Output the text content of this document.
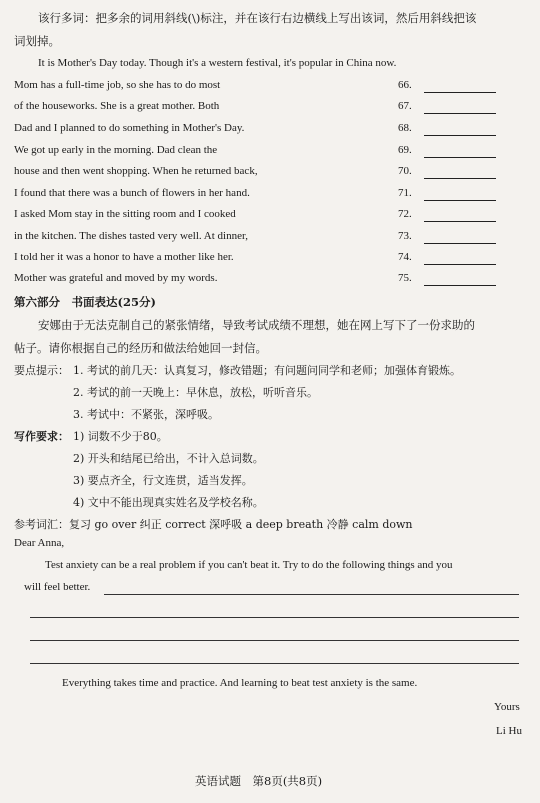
该行多词：把多余的词用斜线(\)标注，并在该行右边横线上写出该词，然后用斜线把该
词划掉。
It is Mother's Day today. Though it's a western festival, it's popular in China now.
Mom has a full-time job, so she has to do most	66.
of the houseworks. She is a great mother. Both	67.
Dad and I planned to do something in Mother's Day.	68.
We got up early in the morning. Dad clean the	69.
house and then went shopping. When he returned back,	70.
I found that there was a bunch of flowers in her hand.	71.
I asked Mom stay in the sitting room and I cooked	72.
in the kitchen. The dishes tasted very well. At dinner,	73.
I told her it was a honor to have a mother like her.	74.
Mother was grateful and moved by my words.	75.
第六部分　书面表达(25分)
安娜由于无法克制自己的紧张情绪，导致考试成绩不理想，她在网上写下了一份求助的
帖子。请你根据自己的经历和做法给她回一封信。
要点提示： 1. 考试的前几天：认真复习，修改错题；有问题问同学和老师；加强体育锻炼。
2. 考试的前一天晚上：早休息，放松，听听音乐。
3. 考试中：不紧张，深呼吸。
写作要求： 1) 词数不少于80。
2) 开头和结尾已给出，不计入总词数。
3) 要点齐全，行文连贯，适当发挥。
4) 文中不能出现真实姓名及学校名称。
参考词汇：复习 go over 纠正 correct 深呼吸 a deep breath 冷静 calm down
Dear Anna,
Test anxiety can be a real problem if you can't beat it. Try to do the following things and you
will feel better.
Everything takes time and practice. And learning to beat test anxiety is the same.
Yours
Li Hu
英语试题　第8页(共8页)
